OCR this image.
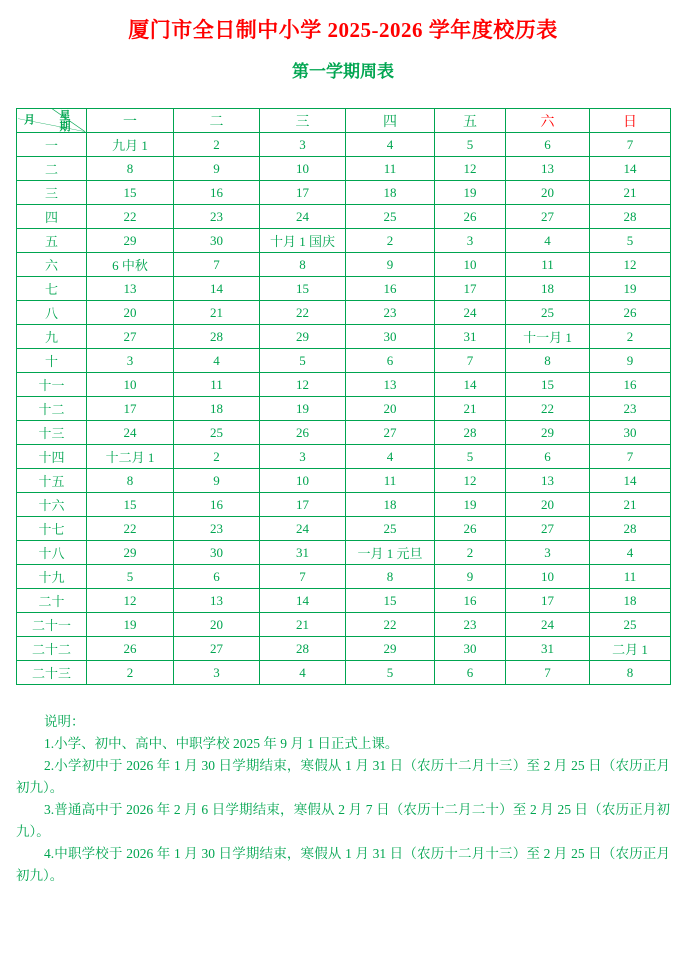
厦门市全日制中小学 2025-2026 学年度校历表
第一学期周表
月 星期	一	二	三	四	五	六	日
一	九月 1	2	3	4	5	6	7
二	8	9	10	11	12	13	14
三	15	16	17	18	19	20	21
四	22	23	24	25	26	27	28
五	29	30	十月 1 国庆	2	3	4	5
六	6 中秋	7	8	9	10	11	12
七	13	14	15	16	17	18	19
八	20	21	22	23	24	25	26
九	27	28	29	30	31	十一月 1	2
十	3	4	5	6	7	8	9
十一	10	11	12	13	14	15	16
十二	17	18	19	20	21	22	23
十三	24	25	26	27	28	29	30
十四	十二月 1	2	3	4	5	6	7
十五	8	9	10	11	12	13	14
十六	15	16	17	18	19	20	21
十七	22	23	24	25	26	27	28
十八	29	30	31	一月 1 元旦	2	3	4
十九	5	6	7	8	9	10	11
二十	12	13	14	15	16	17	18
二十一	19	20	21	22	23	24	25
二十二	26	27	28	29	30	31	二月 1
二十三	2	3	4	5	6	7	8

说明：

1.小学、初中、高中、中职学校 2025 年 9 月 1 日正式上课。

2.小学初中于 2026 年 1 月 30 日学期结束，寒假从 1 月 31 日（农历十二月十三）至 2 月 25 日（农历正月初九）。

3.普通高中于 2026 年 2 月 6 日学期结束，寒假从 2 月 7 日（农历十二月二十）至 2 月 25 日（农历正月初九）。

4.中职学校于 2026 年 1 月 30 日学期结束，寒假从 1 月 31 日（农历十二月十三）至 2 月 25 日（农历正月初九）。
